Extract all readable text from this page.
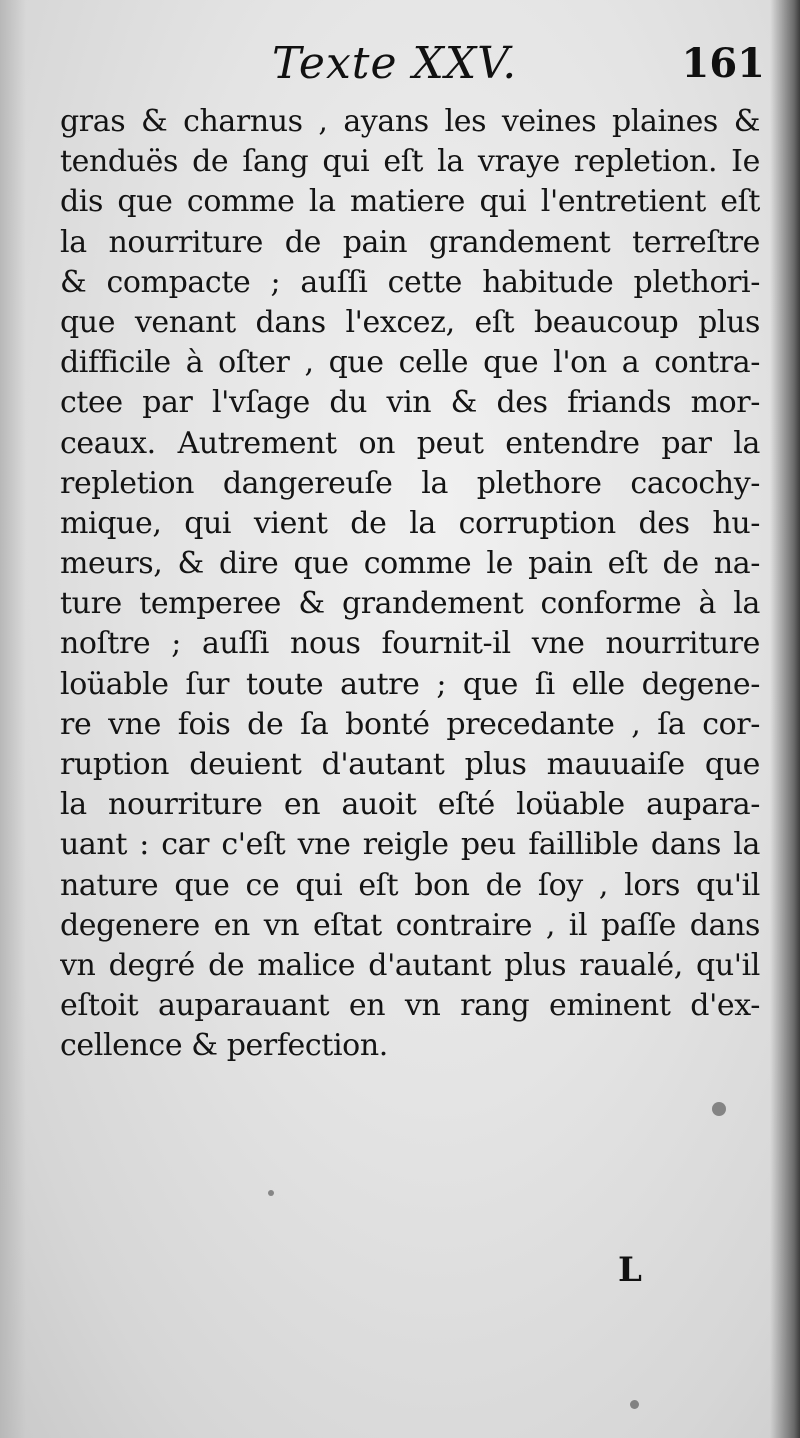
Texte XXV.	161
gras & charnus , ayans les veines plaines &
tenduës de ſang qui eſt la vraye repletion. Ie
dis que comme la matiere qui l'entretient eſt
la nourriture de pain grandement terreſtre
& compacte ; auſſi cette habitude plethori-
que venant dans l'excez, eſt beaucoup plus
difficile à oſter , que celle que l'on a contra-
ctee par l'vſage du vin & des friands mor-
ceaux. Autrement on peut entendre par la
repletion dangereuſe la plethore cacochy-
mique, qui vient de la corruption des hu-
meurs, & dire que comme le pain eſt de na-
ture temperee & grandement conforme à la
noſtre ; auſſi nous fournit-il vne nourriture
loüable ſur toute autre ; que ſi elle degene-
re vne fois de ſa bonté precedante , ſa cor-
ruption deuient d'autant plus mauuaiſe que
la nourriture en auoit eſté loüable aupara-
uant : car c'eſt vne reigle peu faillible dans la
nature que ce qui eſt bon de ſoy , lors qu'il
degenere en vn eſtat contraire , il paſſe dans
vn degré de malice d'autant plus raualé, qu'il
eſtoit auparauant en vn rang eminent d'ex-
cellence & perfection.
L
